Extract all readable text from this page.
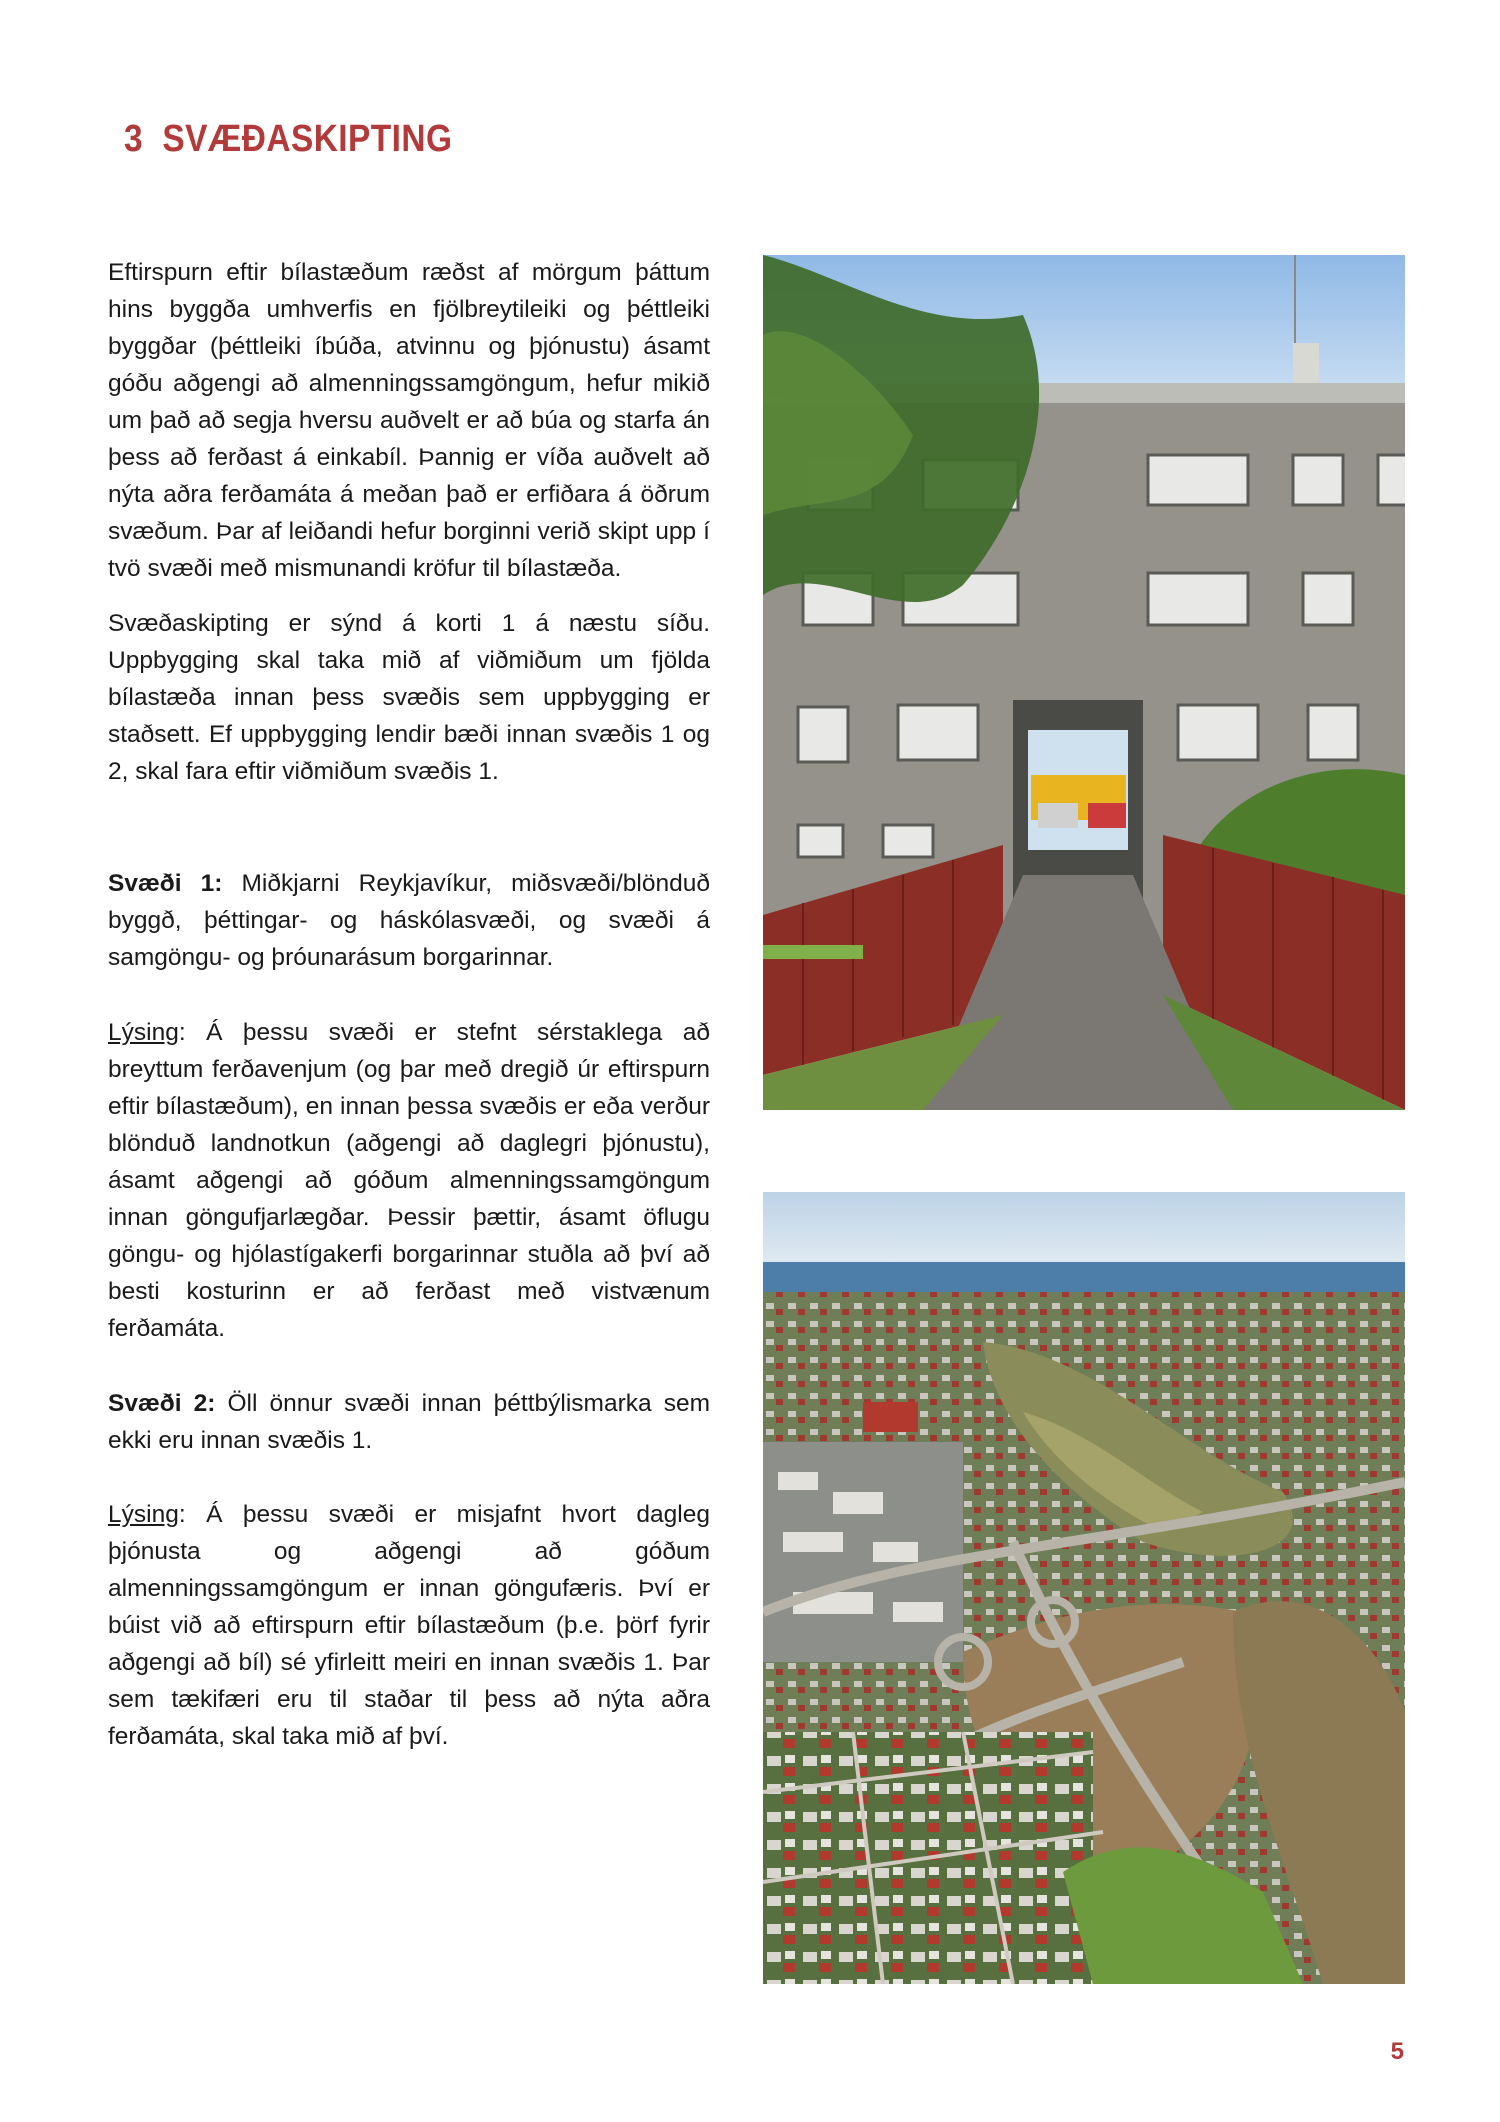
3 SVÆÐASKIPTING

Eftirspurn eftir bílastæðum ræðst af mörgum þáttum hins byggða umhverfis en fjölbreytileiki og þéttleiki byggðar (þéttleiki íbúða, atvinnu og þjónustu) ásamt góðu aðgengi að almenningssamgöngum, hefur mikið um það að segja hversu auðvelt er að búa og starfa án þess að ferðast á einkabíl. Þannig er víða auðvelt að nýta aðra ferðamáta á meðan það er erfiðara á öðrum svæðum. Þar af leiðandi hefur borginni verið skipt upp í tvö svæði með mismunandi kröfur til bílastæða.

Svæðaskipting er sýnd á korti 1 á næstu síðu. Uppbygging skal taka mið af viðmiðum um fjölda bílastæða innan þess svæðis sem uppbygging er staðsett. Ef uppbygging lendir bæði innan svæðis 1 og 2, skal fara eftir viðmiðum svæðis 1.

Svæði 1: Miðkjarni Reykjavíkur, miðsvæði/blönduð byggð, þéttingar- og háskólasvæði, og svæði á samgöngu- og þróunarásum borgarinnar.

Lýsing: Á þessu svæði er stefnt sérstaklega að breyttum ferðavenjum (og þar með dregið úr eftirspurn eftir bílastæðum), en innan þessa svæðis er eða verður blönduð landnotkun (aðgengi að daglegri þjónustu), ásamt aðgengi að góðum almenningssamgöngum innan göngufjarlægðar. Þessir þættir, ásamt öflugu göngu- og hjólastígakerfi borgarinnar stuðla að því að besti kosturinn er að ferðast með vistvænum ferðamáta.

Svæði 2: Öll önnur svæði innan þéttbýlismarka sem ekki eru innan svæðis 1.

Lýsing: Á þessu svæði er misjafnt hvort dagleg þjónusta og aðgengi að góðum almenningssamgöngum er innan göngufæris. Því er búist við að eftirspurn eftir bílastæðum (þ.e. þörf fyrir aðgengi að bíl) sé yfirleitt meiri en innan svæðis 1. Þar sem tækifæri eru til staðar til þess að nýta aðra ferðamáta, skal taka mið af því.

5
